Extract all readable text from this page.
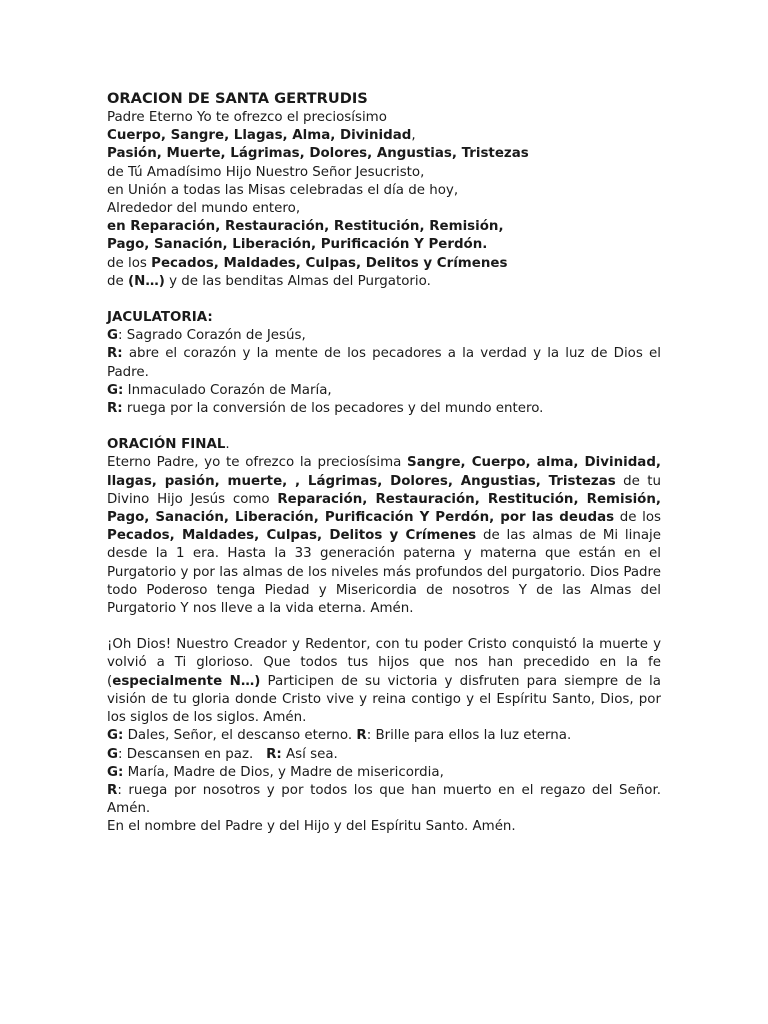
ORACION DE SANTA GERTRUDIS

Padre Eterno Yo te ofrezco el preciosísimo

Cuerpo, Sangre, Llagas, Alma, Divinidad,

Pasión, Muerte, Lágrimas, Dolores, Angustias, Tristezas

de Tú Amadísimo Hijo Nuestro Señor Jesucristo,

en Unión a todas las Misas celebradas el día de hoy,

Alrededor del mundo entero,

en Reparación, Restauración, Restitución, Remisión,

Pago, Sanación, Liberación, Purificación Y Perdón.

de los Pecados, Maldades, Culpas, Delitos y Crímenes

de (N…) y de las benditas Almas del Purgatorio.

JACULATORIA:

G: Sagrado Corazón de Jesús,

R: abre el corazón y la mente de los pecadores a la verdad y la luz de Dios el Padre.

G: Inmaculado Corazón de María,

R: ruega por la conversión de los pecadores y del mundo entero.

ORACIÓN FINAL.

Eterno Padre, yo te ofrezco la preciosísima Sangre, Cuerpo, alma, Divinidad, llagas, pasión, muerte, , Lágrimas, Dolores, Angustias, Tristezas de tu Divino Hijo Jesús como Reparación, Restauración, Restitución, Remisión, Pago, Sanación, Liberación, Purificación Y Perdón, por las deudas de los Pecados, Maldades, Culpas, Delitos y Crímenes de las almas de Mi linaje desde la 1 era. Hasta la 33 generación paterna y materna que están en el Purgatorio y por las almas de los niveles más profundos del purgatorio. Dios Padre todo Poderoso tenga Piedad y Misericordia de nosotros Y de las Almas del Purgatorio Y nos lleve a la vida eterna. Amén.

¡Oh Dios! Nuestro Creador y Redentor, con tu poder Cristo conquistó la muerte y volvió a Ti glorioso. Que todos tus hijos que nos han precedido en la fe (especialmente N…) Participen de su victoria y disfruten para siempre de la visión de tu gloria donde Cristo vive y reina contigo y el Espíritu Santo, Dios, por los siglos de los siglos. Amén.

G: Dales, Señor, el descanso eterno. R: Brille para ellos la luz eterna.

G: Descansen en paz.   R: Así sea.

G: María, Madre de Dios, y Madre de misericordia,

R: ruega por nosotros y por todos los que han muerto en el regazo del Señor. Amén.

En el nombre del Padre y del Hijo y del Espíritu Santo. Amén.
